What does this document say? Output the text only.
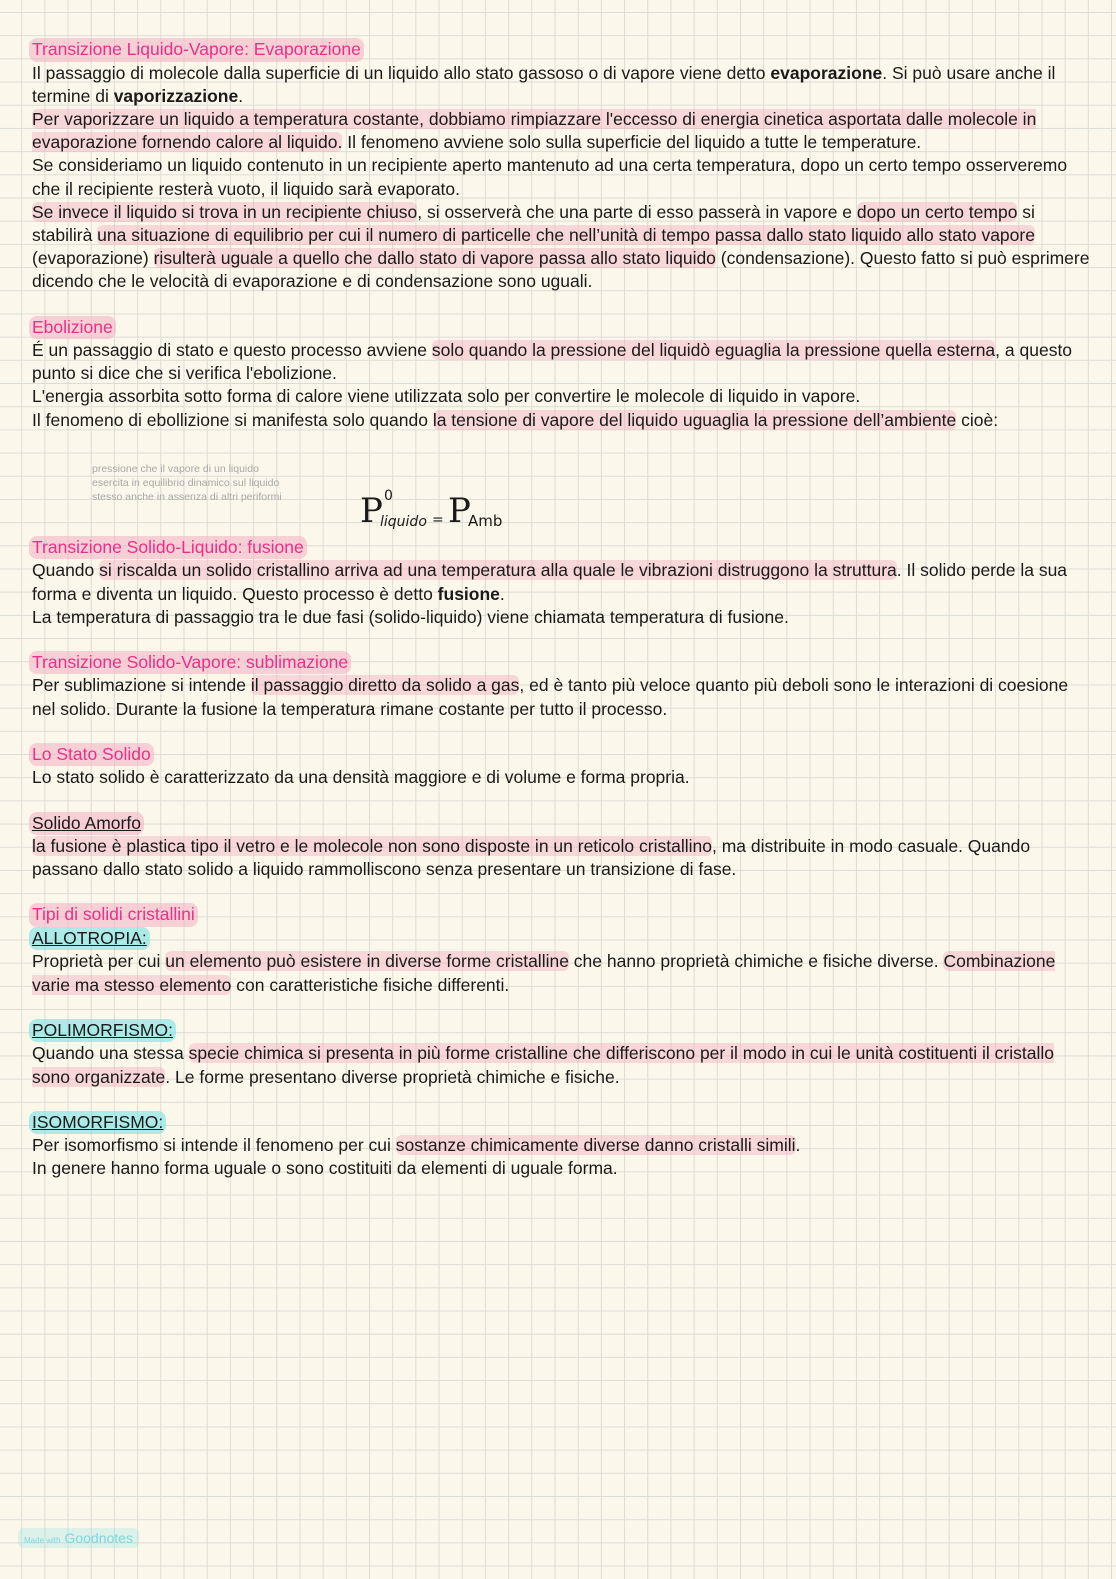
Transizione Liquido-Vapore: Evaporazione

Il passaggio di molecole dalla superficie di un liquido allo stato gassoso o di vapore viene detto evaporazione. Si può usare anche il termine di vaporizzazione.

Per vaporizzare un liquido a temperatura costante, dobbiamo rimpiazzare l'eccesso di energia cinetica asportata dalle molecole in evaporazione fornendo calore al liquido. Il fenomeno avviene solo sulla superficie del liquido a tutte le temperature.

Se consideriamo un liquido contenuto in un recipiente aperto mantenuto ad una certa temperatura, dopo un certo tempo osserveremo che il recipiente resterà vuoto, il liquido sarà evaporato.

Se invece il liquido si trova in un recipiente chiuso, si osserverà che una parte di esso passerà in vapore e dopo un certo tempo si stabilirà una situazione di equilibrio per cui il numero di particelle che nell’unità di tempo passa dallo stato liquido allo stato vapore (evaporazione) risulterà uguale a quello che dallo stato di vapore passa allo stato liquido (condensazione). Questo fatto si può esprimere dicendo che le velocità di evaporazione e di condensazione sono uguali.

Ebolizione

É un passaggio di stato e questo processo avviene solo quando la pressione del liquidò eguaglia la pressione quella esterna, a questo punto si dice che si verifica l'ebolizione.

L'energia assorbita sotto forma di calore viene utilizzata solo per convertire le molecole di liquido in vapore.

Il fenomeno di ebollizione si manifesta solo quando la tensione di vapore del liquido uguaglia la pressione dell’ambiente cioè:

pressione che il vapore di un liquido esercita in equilibrio dinamico sul liquido stesso anche in assenza di altri periformi	P 0
liquido = P
Amb
Transizione Solido-Liquido: fusione

Quando si riscalda un solido cristallino arriva ad una temperatura alla quale le vibrazioni distruggono la struttura. Il solido perde la sua forma e diventa un liquido. Questo processo è detto fusione.

La temperatura di passaggio tra le due fasi (solido-liquido) viene chiamata temperatura di fusione.

Transizione Solido-Vapore: sublimazione

Per sublimazione si intende il passaggio diretto da solido a gas, ed è tanto più veloce quanto più deboli sono le interazioni di coesione nel solido. Durante la fusione la temperatura rimane costante per tutto il processo.

Lo Stato Solido

Lo stato solido è caratterizzato da una densità maggiore e di volume e forma propria.

Solido Amorfo

la fusione è plastica tipo il vetro e le molecole non sono disposte in un reticolo cristallino, ma distribuite in modo casuale. Quando passano dallo stato solido a liquido rammolliscono senza presentare un transizione di fase.

Tipi di solidi cristallini
ALLOTROPIA:

Proprietà per cui un elemento può esistere in diverse forme cristalline che hanno proprietà chimiche e fisiche diverse. Combinazione varie ma stesso elemento con caratteristiche fisiche differenti.

POLIMORFISMO:

Quando una stessa specie chimica si presenta in più forme cristalline che differiscono per il modo in cui le unità costituenti il cristallo sono organizzate. Le forme presentano diverse proprietà chimiche e fisiche.

ISOMORFISMO:

Per isomorfismo si intende il fenomeno per cui sostanze chimicamente diverse danno cristalli simili.

In genere hanno forma uguale o sono costituiti da elementi di uguale forma.

Made with Goodnotes
